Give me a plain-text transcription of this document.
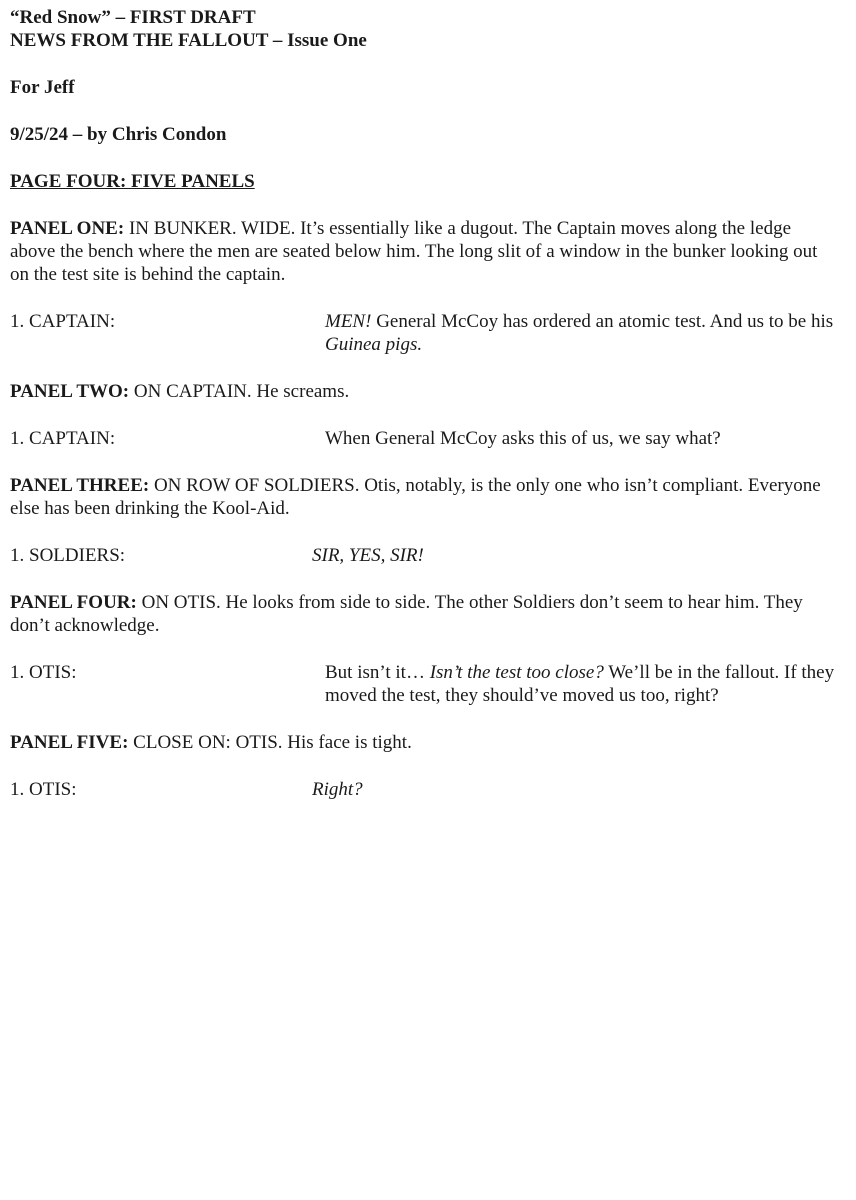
“Red Snow” – FIRST DRAFT

NEWS FROM THE FALLOUT – Issue One

For Jeff

9/25/24 – by Chris Condon

PAGE FOUR: FIVE PANELS

PANEL ONE: IN BUNKER. WIDE. It’s essentially like a dugout. The Captain moves along the ledge above the bench where the men are seated below him. The long slit of a window in the bunker looking out on the test site is behind the captain.

1. CAPTAIN:	MEN! General McCoy has ordered an atomic test. And us to be his Guinea pigs.

PANEL TWO: ON CAPTAIN. He screams.

1. CAPTAIN:	When General McCoy asks this of us, we say what?

PANEL THREE: ON ROW OF SOLDIERS. Otis, notably, is the only one who isn’t compliant. Everyone else has been drinking the Kool-Aid.

1. SOLDIERS:	SIR, YES, SIR!

PANEL FOUR: ON OTIS. He looks from side to side. The other Soldiers don’t seem to hear him. They don’t acknowledge.

1. OTIS:	But isn’t it… Isn’t the test too close? We’ll be in the fallout. If they moved the test, they should’ve moved us too, right?

PANEL FIVE: CLOSE ON: OTIS. His face is tight.

1. OTIS:	Right?
